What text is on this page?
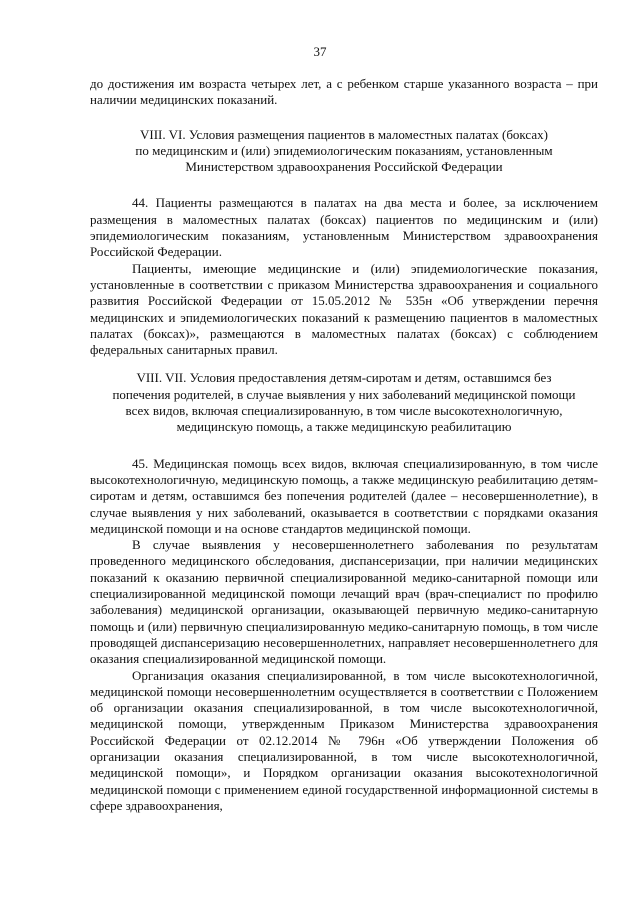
37

до достижения им возраста четырех лет, а с ребенком старше указанного возраста – при наличии медицинских показаний.

VIII. VI. Условия размещения пациентов в маломестных палатах (боксах)
по медицинским и (или) эпидемиологическим показаниям, установленным
Министерством здравоохранения Российской Федерации

44. Пациенты размещаются в палатах на два места и более, за исключением размещения в маломестных палатах (боксах) пациентов по медицинским и (или) эпидемиологическим показаниям, установленным Министерством здравоохранения Российской Федерации.

Пациенты, имеющие медицинские и (или) эпидемиологические показания, установленные в соответствии с приказом Министерства здравоохранения и социального развития Российской Федерации от 15.05.2012 № 535н «Об утверждении перечня медицинских и эпидемиологических показаний к размещению пациентов в маломестных палатах (боксах)», размещаются в маломестных палатах (боксах) с соблюдением федеральных санитарных правил.

VIII. VII. Условия предоставления детям-сиротам и детям, оставшимся без
попечения родителей, в случае выявления у них заболеваний медицинской помощи
всех видов, включая специализированную, в том числе высокотехнологичную,
медицинскую помощь, а также медицинскую реабилитацию

45. Медицинская помощь всех видов, включая специализированную, в том числе высокотехнологичную, медицинскую помощь, а также медицинскую реабилитацию детям-сиротам и детям, оставшимся без попечения родителей (далее – несовершеннолетние), в случае выявления у них заболеваний, оказывается в соответствии с порядками оказания медицинской помощи и на основе стандартов медицинской помощи.

В случае выявления у несовершеннолетнего заболевания по результатам проведенного медицинского обследования, диспансеризации, при наличии медицинских показаний к оказанию первичной специализированной медико-санитарной помощи или специализированной медицинской помощи лечащий врач (врач-специалист по профилю заболевания) медицинской организации, оказывающей первичную медико-санитарную помощь и (или) первичную специализированную медико-санитарную помощь, в том числе проводящей диспансеризацию несовершеннолетних, направляет несовершеннолетнего для оказания специализированной медицинской помощи.

Организация оказания специализированной, в том числе высокотехнологичной, медицинской помощи несовершеннолетним осуществляется в соответствии с Положением об организации оказания специализированной, в том числе высокотехнологичной, медицинской помощи, утвержденным Приказом Министерства здравоохранения Российской Федерации от 02.12.2014 № 796н «Об утверждении Положения об организации оказания специализированной, в том числе высокотехнологичной, медицинской помощи», и Порядком организации оказания высокотехнологичной медицинской помощи с применением единой государственной информационной системы в сфере здравоохранения,
